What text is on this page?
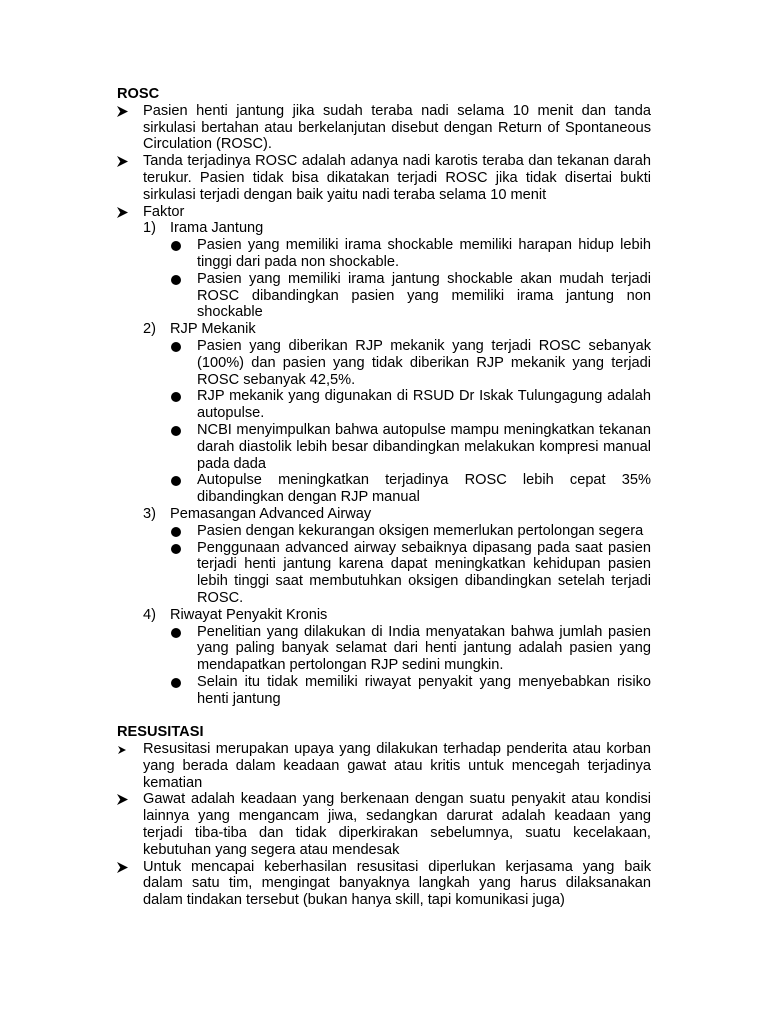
ROSC
Pasien henti jantung jika sudah teraba nadi selama 10 menit dan tanda sirkulasi bertahan atau berkelanjutan disebut dengan Return of Spontaneous Circulation (ROSC).
Tanda terjadinya ROSC adalah adanya nadi karotis teraba dan tekanan darah terukur. Pasien tidak bisa dikatakan terjadi ROSC jika tidak disertai bukti sirkulasi terjadi dengan baik yaitu nadi teraba selama 10 menit
Faktor
1) Irama Jantung
Pasien yang memiliki irama shockable memiliki harapan hidup lebih tinggi dari pada non shockable.
Pasien yang memiliki irama jantung shockable akan mudah terjadi ROSC dibandingkan pasien yang memiliki irama jantung non shockable
2) RJP Mekanik
Pasien yang diberikan RJP mekanik yang terjadi ROSC sebanyak (100%) dan pasien yang tidak diberikan RJP mekanik yang terjadi ROSC sebanyak 42,5%.
RJP mekanik yang digunakan di RSUD Dr Iskak Tulungagung adalah autopulse.
NCBI menyimpulkan bahwa autopulse mampu meningkatkan tekanan darah diastolik lebih besar dibandingkan melakukan kompresi manual pada dada
Autopulse meningkatkan terjadinya ROSC lebih cepat 35% dibandingkan dengan RJP manual
3) Pemasangan Advanced Airway
Pasien dengan kekurangan oksigen memerlukan pertolongan segera
Penggunaan advanced airway sebaiknya dipasang pada saat pasien terjadi henti jantung karena dapat meningkatkan kehidupan pasien lebih tinggi saat membutuhkan oksigen dibandingkan setelah terjadi ROSC.
4) Riwayat Penyakit Kronis
Penelitian yang dilakukan di India menyatakan bahwa jumlah pasien yang paling banyak selamat dari henti jantung adalah pasien yang mendapatkan pertolongan RJP sedini mungkin.
Selain itu tidak memiliki riwayat penyakit yang menyebabkan risiko henti jantung
RESUSITASI
Resusitasi merupakan upaya yang dilakukan terhadap penderita atau korban yang berada dalam keadaan gawat atau kritis untuk mencegah terjadinya kematian
Gawat adalah keadaan yang berkenaan dengan suatu penyakit atau kondisi lainnya yang mengancam jiwa, sedangkan darurat adalah keadaan yang terjadi tiba-tiba dan tidak diperkirakan sebelumnya, suatu kecelakaan, kebutuhan yang segera atau mendesak
Untuk mencapai keberhasilan resusitasi diperlukan kerjasama yang baik dalam satu tim, mengingat banyaknya langkah yang harus dilaksanakan dalam tindakan tersebut (bukan hanya skill, tapi komunikasi juga)
